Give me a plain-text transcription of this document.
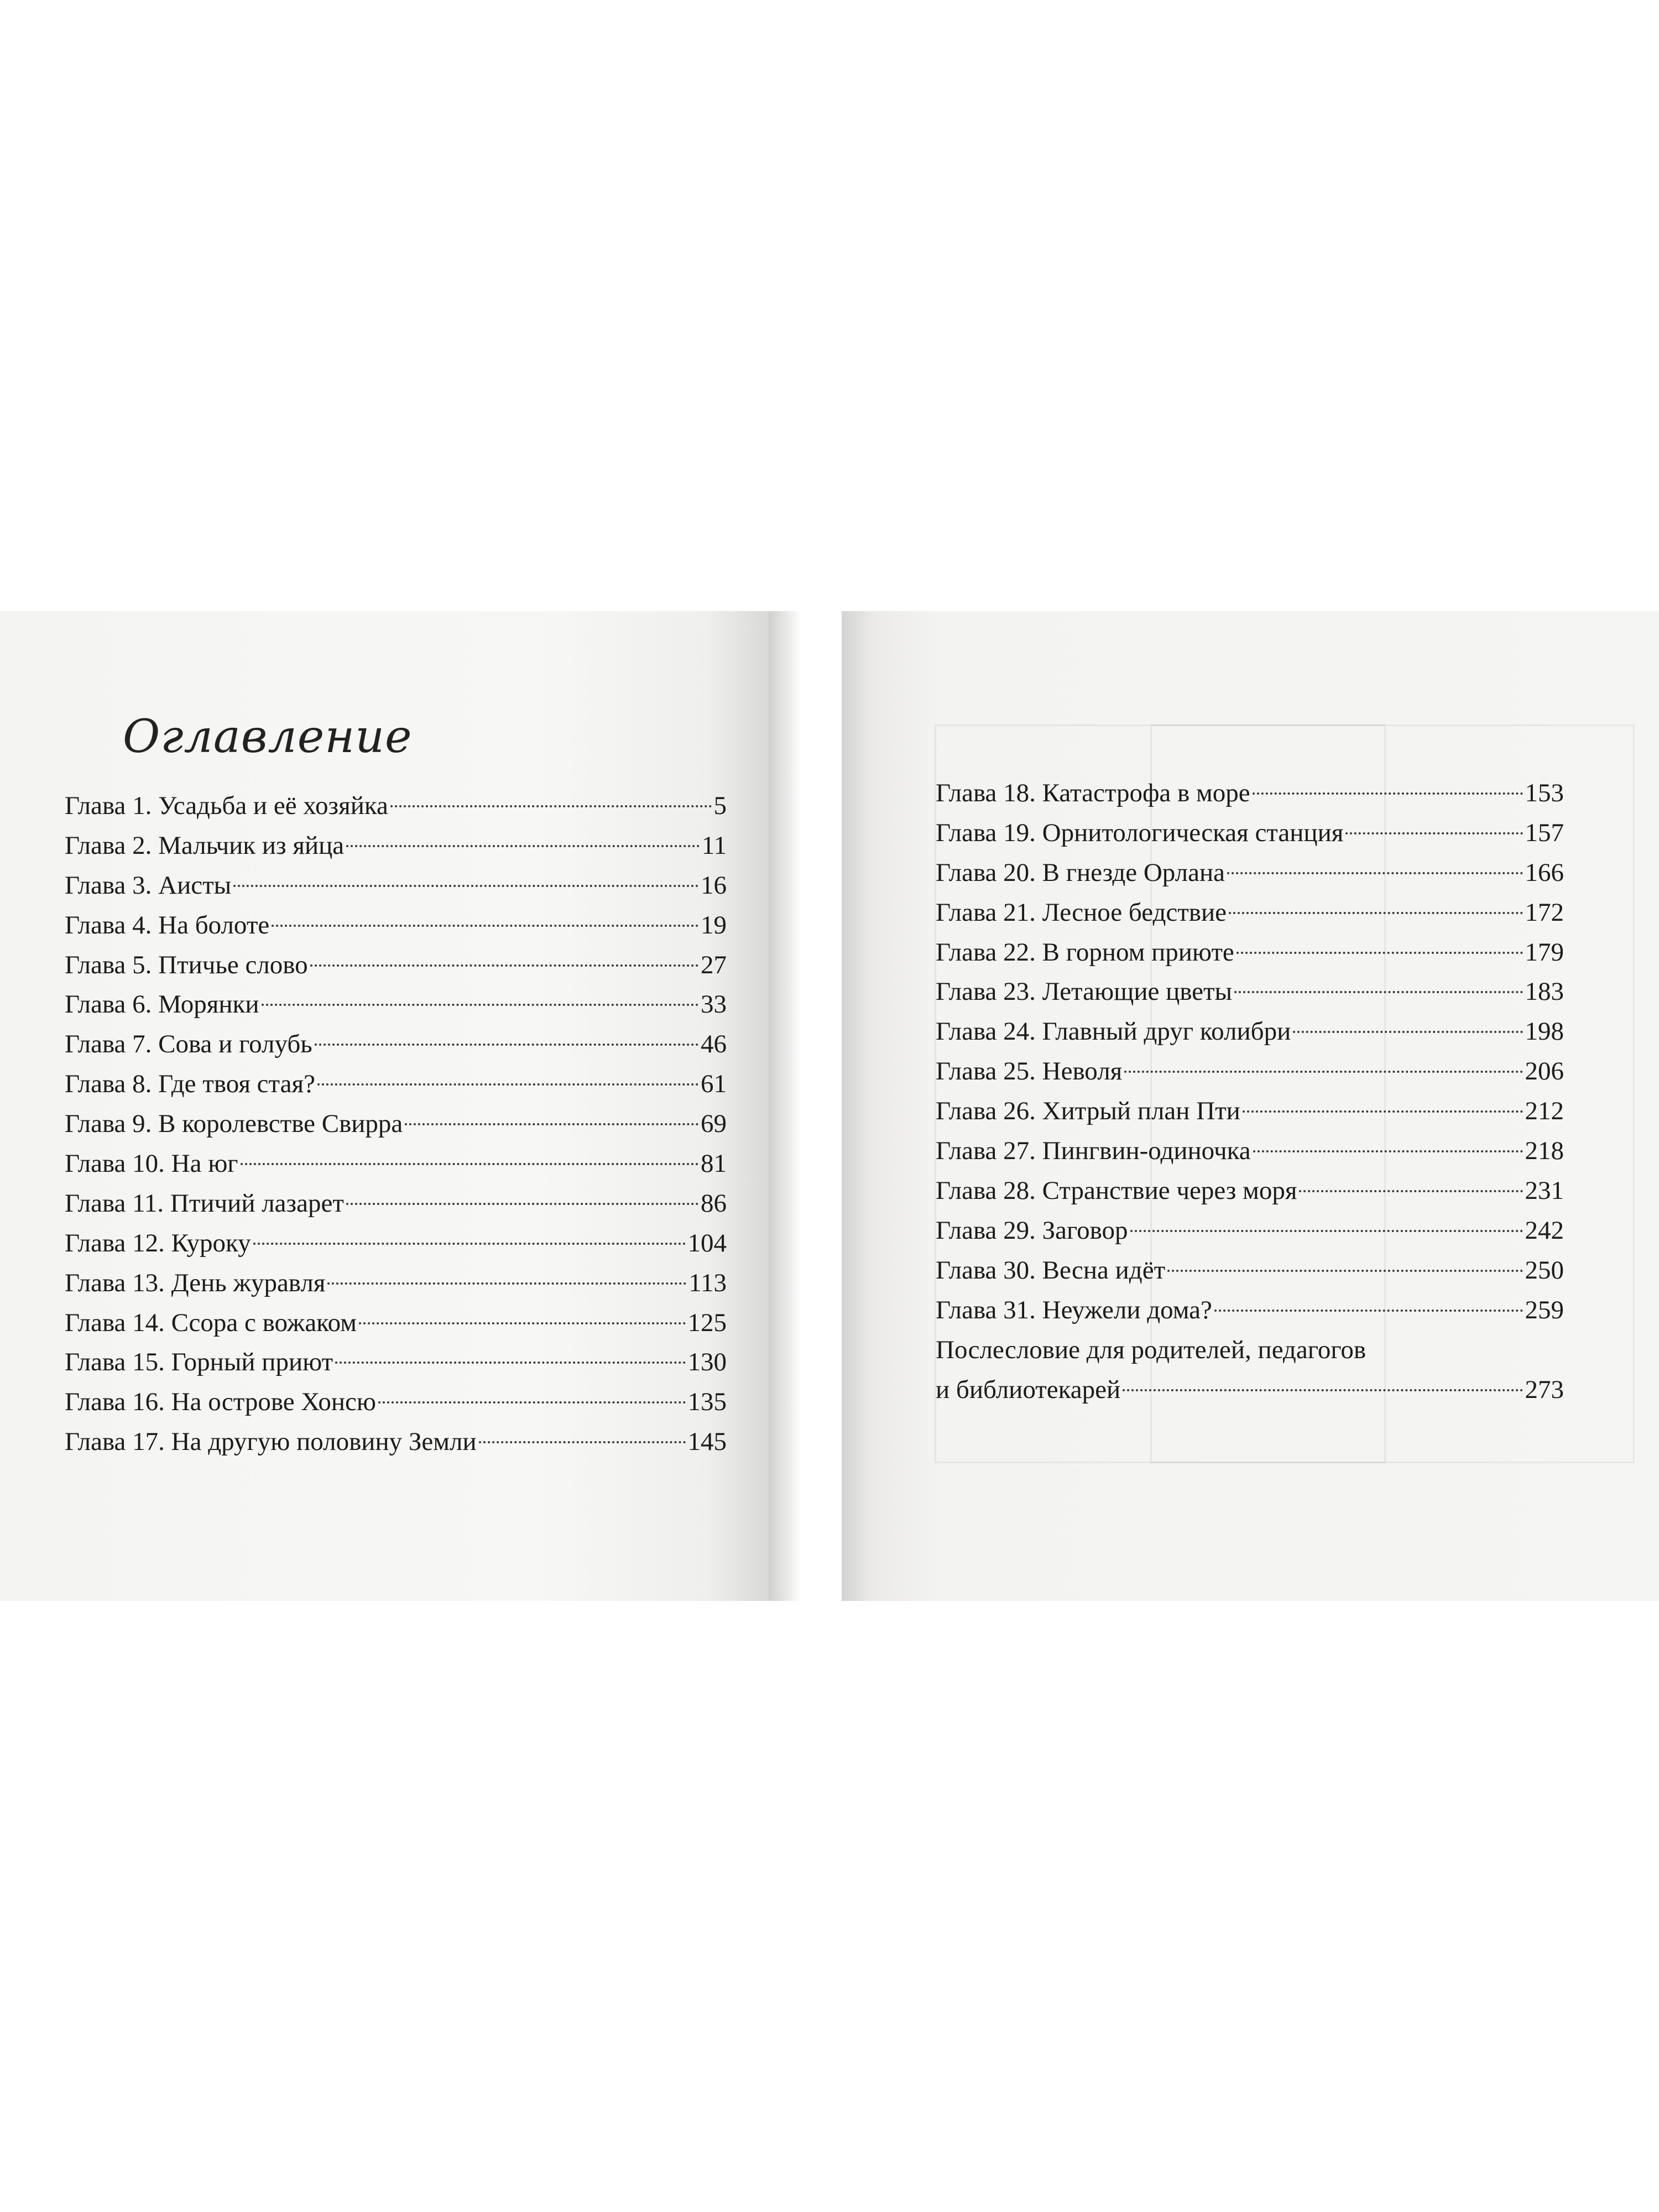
Оглавление
Глава 1. Усадьба и её хозяйка	5
Глава 2. Мальчик из яйца	11
Глава 3. Аисты	16
Глава 4. На болоте	19
Глава 5. Птичье слово	27
Глава 6. Морянки	33
Глава 7. Сова и голубь	46
Глава 8. Где твоя стая?	61
Глава 9. В королевстве Свирра	69
Глава 10. На юг	81
Глава 11. Птичий лазарет	86
Глава 12. Куроку	104
Глава 13. День журавля	113
Глава 14. Ссора с вожаком	125
Глава 15. Горный приют	130
Глава 16. На острове Хонсю	135
Глава 17. На другую половину Земли	145
Глава 18. Катастрофа в море	153
Глава 19. Орнитологическая станция	157
Глава 20. В гнезде Орлана	166
Глава 21. Лесное бедствие	172
Глава 22. В горном приюте	179
Глава 23. Летающие цветы	183
Глава 24. Главный друг колибри	198
Глава 25. Неволя	206
Глава 26. Хитрый план Пти	212
Глава 27. Пингвин-одиночка	218
Глава 28. Странствие через моря	231
Глава 29. Заговор	242
Глава 30. Весна идёт	250
Глава 31. Неужели дома?	259
Послесловие для родителей, педагогов
и библиотекарей	273
